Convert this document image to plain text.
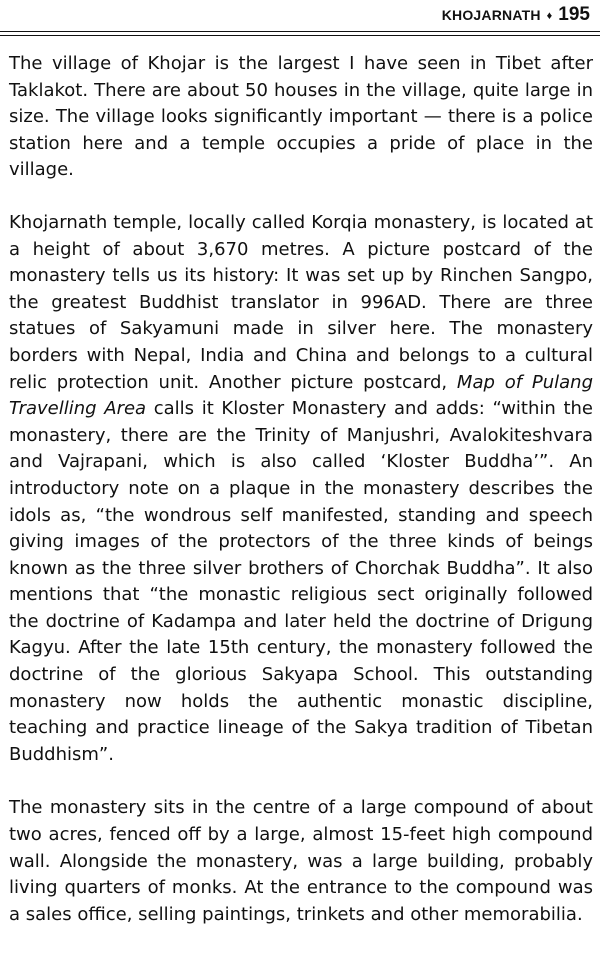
KHOJARNATH ♦ 195

The village of Khojar is the largest I have seen in Tibet after Taklakot. There are about 50 houses in the village, quite large in size. The village looks significantly important — there is a police station here and a temple occupies a pride of place in the village.

Khojarnath temple, locally called Korqia monastery, is located at a height of about 3,670 metres. A picture postcard of the monastery tells us its history: It was set up by Rinchen Sangpo, the greatest Buddhist translator in 996AD. There are three statues of Sakyamuni made in silver here. The monastery borders with Nepal, India and China and belongs to a cultural relic protection unit. Another picture postcard, Map of Pulang Travelling Area calls it Kloster Monastery and adds: “within the monastery, there are the Trinity of Manjushri, Avalokiteshvara and Vajrapani, which is also called ‘Kloster Buddha’”. An introductory note on a plaque in the monastery describes the idols as, “the wondrous self manifested, standing and speech giving images of the protectors of the three kinds of beings known as the three silver brothers of Chorchak Buddha”. It also mentions that “the monastic religious sect originally followed the doctrine of Kadampa and later held the doctrine of Drigung Kagyu. After the late 15th century, the monastery followed the doctrine of the glorious Sakyapa School. This outstanding monastery now holds the authentic monastic discipline, teaching and practice lineage of the Sakya tradition of Tibetan Buddhism”.

The monastery sits in the centre of a large compound of about two acres, fenced off by a large, almost 15-feet high compound wall. Alongside the monastery, was a large building, probably living quarters of monks. At the entrance to the compound was a sales office, selling paintings, trinkets and other memorabilia.
